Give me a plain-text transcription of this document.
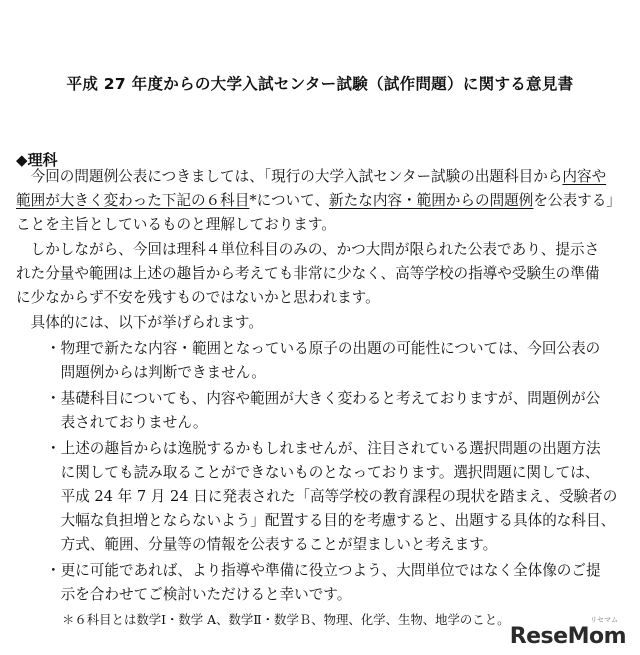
平成 27 年度からの大学入試センター試験（試作問題）に関する意見書
◆理科
　今回の問題例公表につきましては、「現行の大学入試センター試験の出題科目から内容や
範囲が大きく変わった下記の６科目*について、新たな内容・範囲からの問題例を公表する」
ことを主旨としているものと理解しております。
　しかしながら、今回は理科４単位科目のみの、かつ大問が限られた公表であり、提示さ
れた分量や範囲は上述の趣旨から考えても非常に少なく、高等学校の指導や受験生の準備
に少なからず不安を残すものではないかと思われます。
　具体的には、以下が挙げられます。
・物理で新たな内容・範囲となっている原子の出題の可能性については、今回公表の
　問題例からは判断できません。
・基礎科目についても、内容や範囲が大きく変わると考えておりますが、問題例が公
　表されておりません。
・上述の趣旨からは逸脱するかもしれませんが、注目されている選択問題の出題方法
　に関しても読み取ることができないものとなっております。選択問題に関しては、
　平成 24 年 7 月 24 日に発表された「高等学校の教育課程の現状を踏まえ、受験者の
　大幅な負担増とならないよう」配置する目的を考慮すると、出題する具体的な科目、
　方式、範囲、分量等の情報を公表することが望ましいと考えます。
・更に可能であれば、より指導や準備に役立つよう、大問単位ではなく全体像のご提
　示を合わせてご検討いただけると幸いです。
＊６科目とは数学Ⅰ・数学 A、数学Ⅱ・数学Ｂ、物理、化学、生物、地学のこと。	リセマム
ReseMom
